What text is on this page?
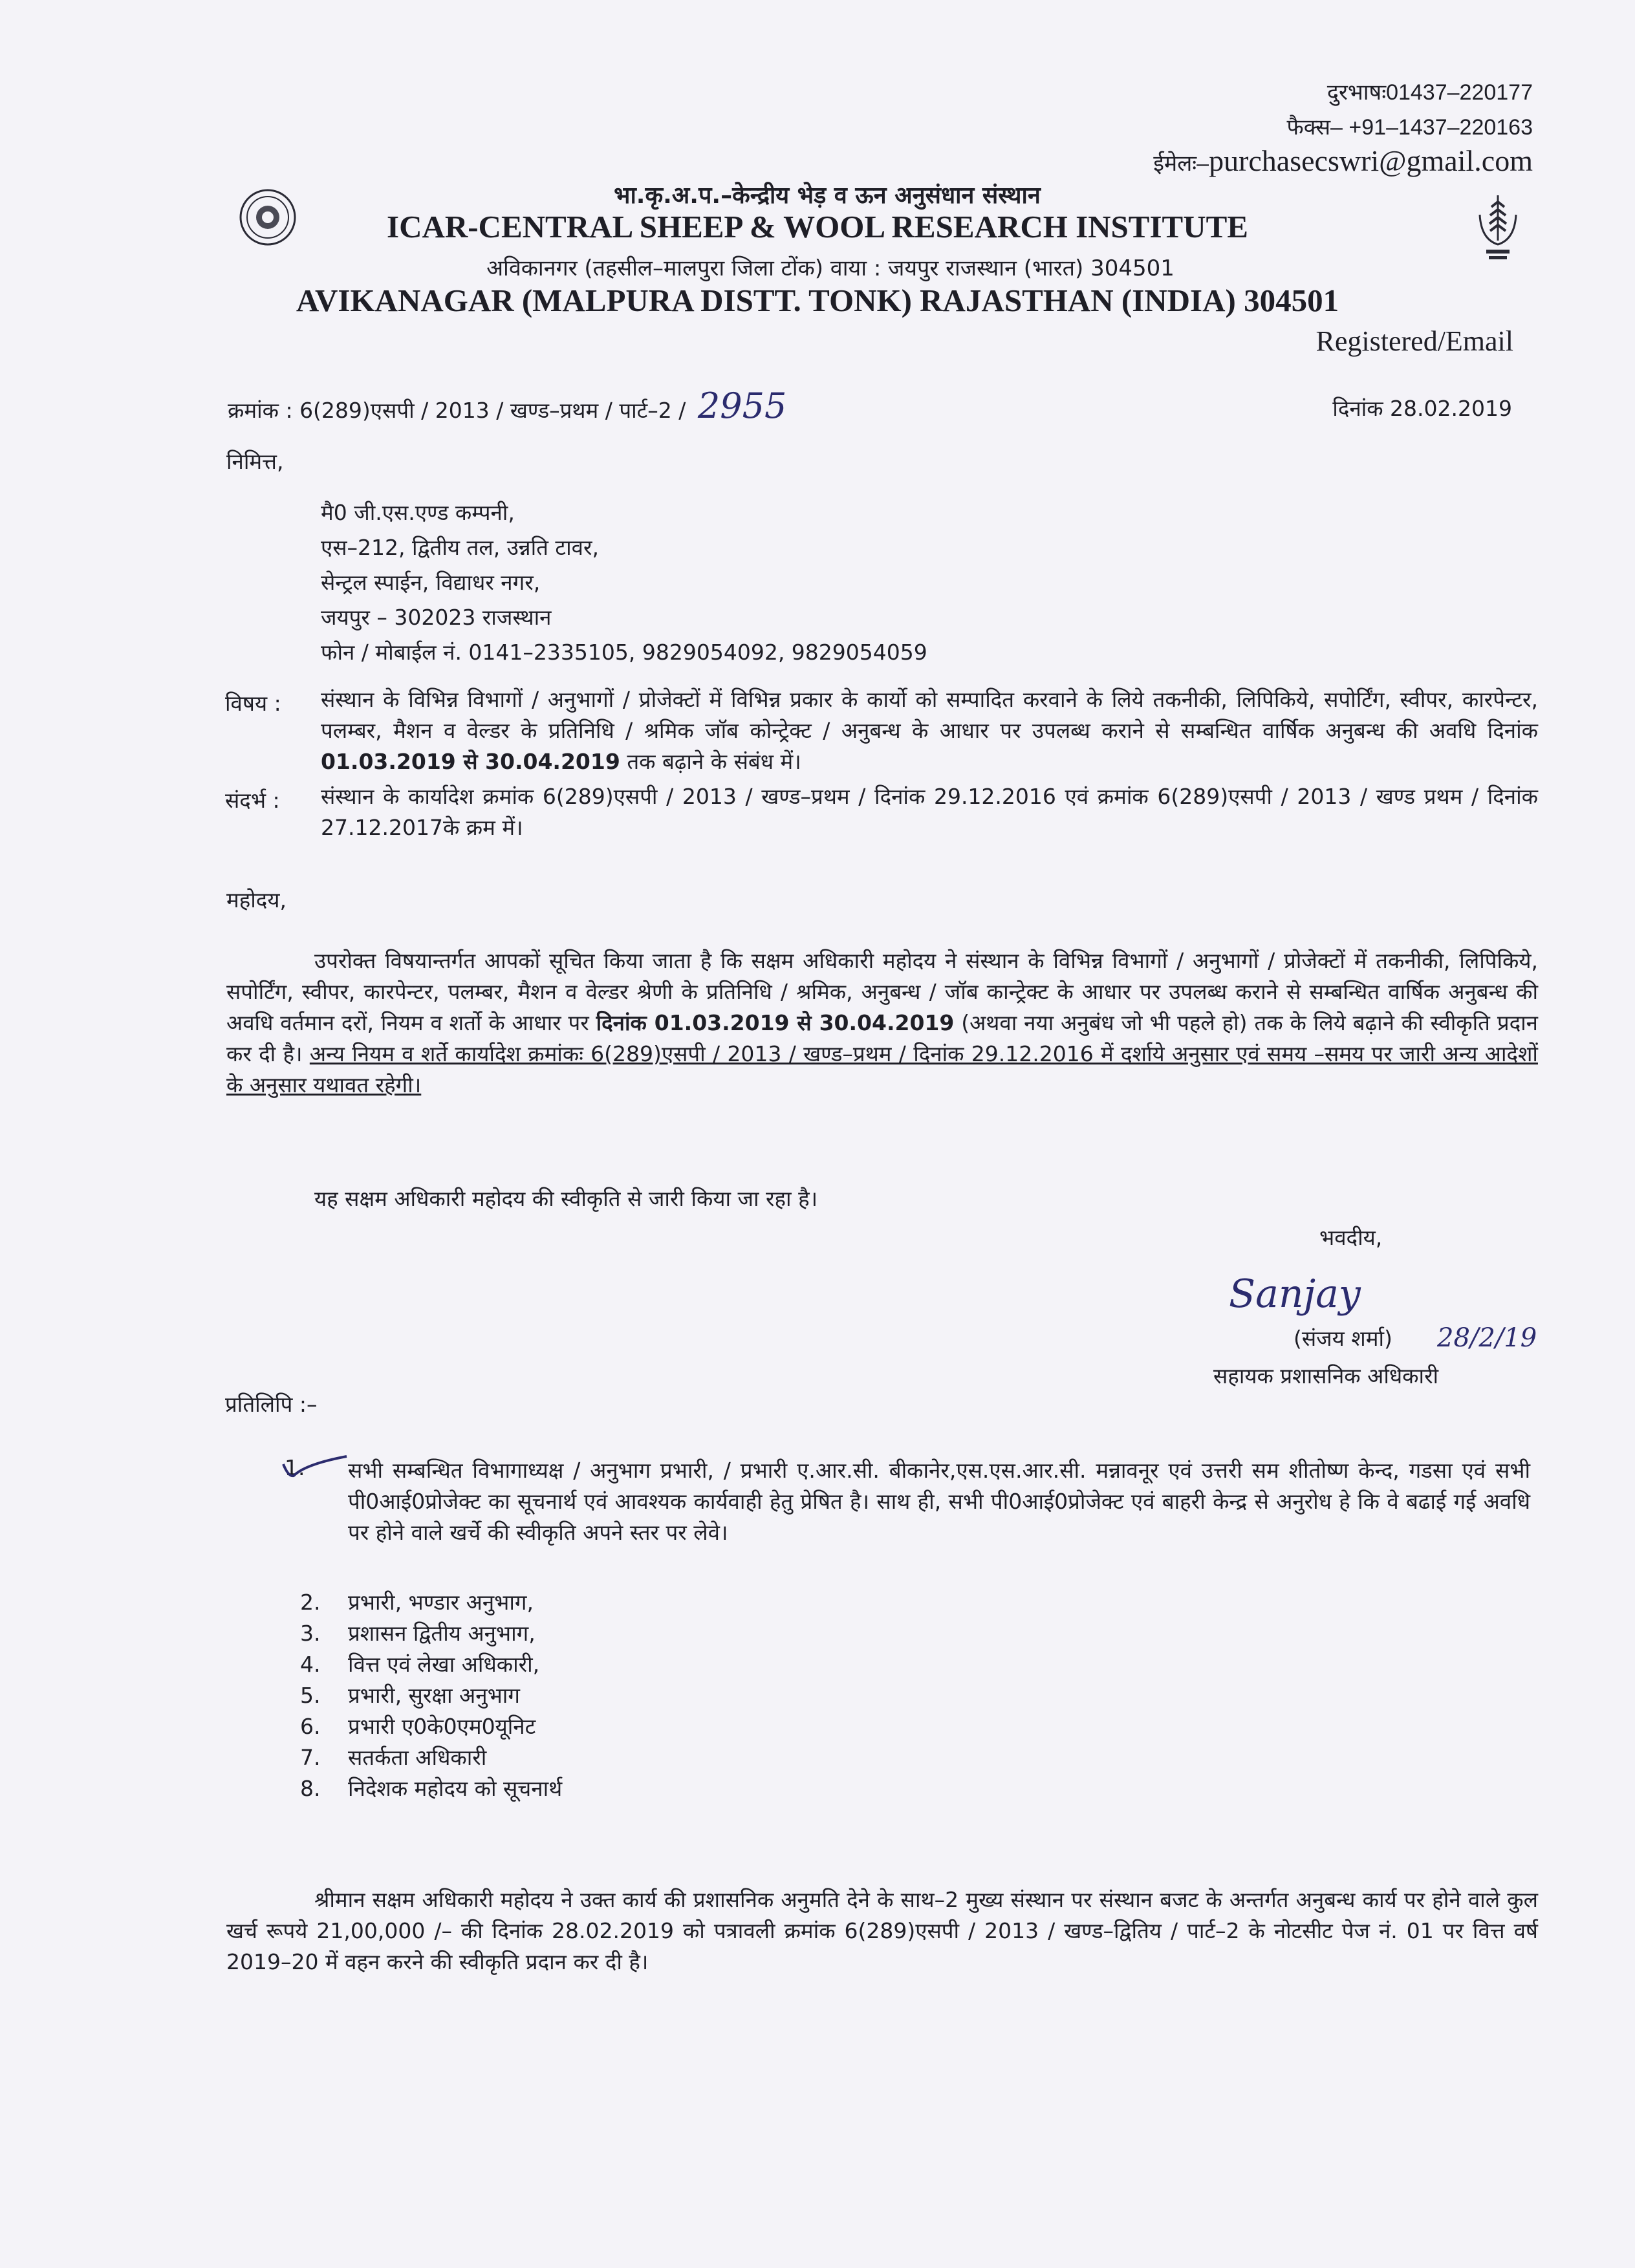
दुरभाषः01437–220177
फैक्स– +91–1437–220163
ईमेलः–purchasecswri@gmail.com
भा.कृ.अ.प.–केन्द्रीय भेड़ व ऊन अनुसंधान संस्थान
ICAR-CENTRAL SHEEP & WOOL RESEARCH INSTITUTE
अविकानगर (तहसील–मालपुरा जिला टोंक) वाया : जयपुर राजस्थान (भारत) 304501
AVIKANAGAR (MALPURA DISTT. TONK) RAJASTHAN (INDIA) 304501
Registered/Email
क्रमांक : 6(289)एसपी / 2013 / खण्ड–प्रथम / पार्ट–2 / 2955	दिनांक 28.02.2019
निमित्त,
मै0 जी.एस.एण्ड कम्पनी,
एस–212, द्वितीय तल, उन्नति टावर,
सेन्ट्रल स्पाईन, विद्याधर नगर,
जयपुर – 302023 राजस्थान
फोन / मोबाईल नं. 0141–2335105, 9829054092, 9829054059
विषय : संस्थान के विभिन्न विभागों / अनुभागों / प्रोजेक्टों में विभिन्न प्रकार के कार्यो को सम्पादित करवाने के लिये तकनीकी, लिपिकिये, सपोर्टिंग, स्वीपर, कारपेन्टर, पलम्बर, मैशन व वेल्डर के प्रतिनिधि / श्रमिक जॉब कोन्ट्रेक्ट / अनुबन्ध के आधार पर उपलब्ध कराने से सम्बन्धित वार्षिक अनुबन्ध की अवधि दिनांक 01.03.2019 से 30.04.2019 तक बढ़ाने के संबंध में।
संदर्भ : संस्थान के कार्यादेश क्रमांक 6(289)एसपी / 2013 / खण्ड–प्रथम / दिनांक 29.12.2016 एवं क्रमांक 6(289)एसपी / 2013 / खण्ड प्रथम / दिनांक 27.12.2017के क्रम में।
महोदय,
उपरोक्त विषयान्तर्गत आपकों सूचित किया जाता है कि सक्षम अधिकारी महोदय ने संस्थान के विभिन्न विभागों / अनुभागों / प्रोजेक्टों में तकनीकी, लिपिकिये, सपोर्टिंग, स्वीपर, कारपेन्टर, पलम्बर, मैशन व वेल्डर श्रेणी के प्रतिनिधि / श्रमिक, अनुबन्ध / जॉब कान्ट्रेक्ट के आधार पर उपलब्ध कराने से सम्बन्धित वार्षिक अनुबन्ध की अवधि वर्तमान दरों, नियम व शर्तो के आधार पर दिनांक 01.03.2019 से 30.04.2019 (अथवा नया अनुबंध जो भी पहले हो) तक के लिये बढ़ाने की स्वीकृति प्रदान कर दी है। अन्य नियम व शर्ते कार्यादेश क्रमांकः 6(289)एसपी / 2013 / खण्ड–प्रथम / दिनांक 29.12.2016 में दर्शाये अनुसार एवं समय –समय पर जारी अन्य आदेशों के अनुसार यथावत रहेगी।
यह सक्षम अधिकारी महोदय की स्वीकृति से जारी किया जा रहा है।
भवदीय,
Sanjay
(संजय शर्मा) 28/2/19
सहायक प्रशासनिक अधिकारी
प्रतिलिपि :–
1. सभी सम्बन्धित विभागाध्यक्ष / अनुभाग प्रभारी, / प्रभारी ए.आर.सी. बीकानेर,एस.एस.आर.सी. मन्नावनूर एवं उत्तरी सम शीतोष्ण केन्द, गडसा एवं सभी पी0आई0प्रोजेक्ट का सूचनार्थ एवं आवश्यक कार्यवाही हेतु प्रेषित है। साथ ही, सभी पी0आई0प्रोजेक्ट एवं बाहरी केन्द्र से अनुरोध हे कि वे बढाई गई अवधि पर होने वाले खर्चे की स्वीकृति अपने स्तर पर लेवे।
2. प्रभारी, भण्डार अनुभाग,
3. प्रशासन द्वितीय अनुभाग,
4. वित्त एवं लेखा अधिकारी,
5. प्रभारी, सुरक्षा अनुभाग
6. प्रभारी ए0के0एम0यूनिट
7. सतर्कता अधिकारी
8. निदेशक महोदय को सूचनार्थ
श्रीमान सक्षम अधिकारी महोदय ने उक्त कार्य की प्रशासनिक अनुमति देने के साथ–2 मुख्य संस्थान पर संस्थान बजट के अन्तर्गत अनुबन्ध कार्य पर होने वाले कुल खर्च रूपये 21,00,000 /– की दिनांक 28.02.2019 को पत्रावली क्रमांक 6(289)एसपी / 2013 / खण्ड–द्वितिय / पार्ट–2 के नोटसीट पेज नं. 01 पर वित्त वर्ष 2019–20 में वहन करने की स्वीकृति प्रदान कर दी है।
